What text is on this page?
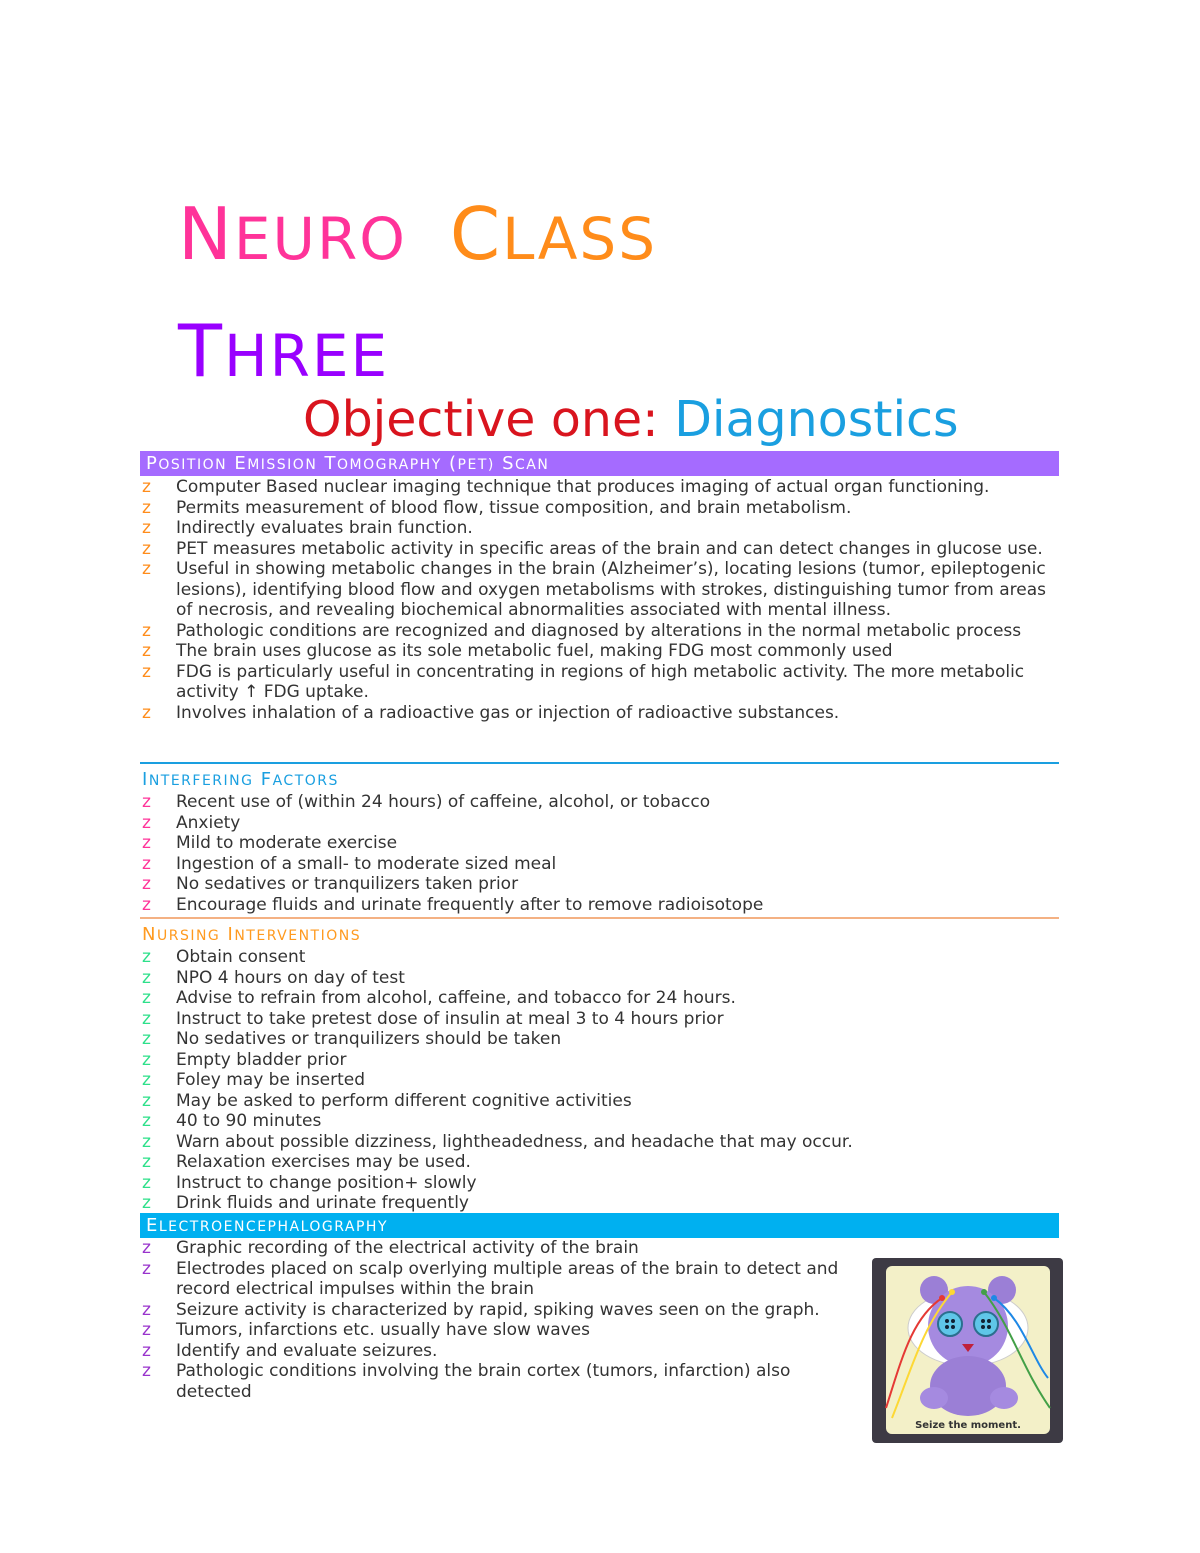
NEURO CLASS
THREE
Objective one: Diagnostics
POSITION EMISSION TOMOGRAPHY (PET) SCAN
z Computer Based nuclear imaging technique that produces imaging of actual organ functioning.
z Permits measurement of blood flow, tissue composition, and brain metabolism.
z Indirectly evaluates brain function.
z PET measures metabolic activity in specific areas of the brain and can detect changes in glucose use.
z Useful in showing metabolic changes in the brain (Alzheimer’s), locating lesions (tumor, epileptogenic lesions), identifying blood flow and oxygen metabolisms with strokes, distinguishing tumor from areas of necrosis, and revealing biochemical abnormalities associated with mental illness.
z Pathologic conditions are recognized and diagnosed by alterations in the normal metabolic process
z The brain uses glucose as its sole metabolic fuel, making FDG most commonly used
z FDG is particularly useful in concentrating in regions of high metabolic activity. The more metabolic activity ↑ FDG uptake.
z Involves inhalation of a radioactive gas or injection of radioactive substances.
INTERFERING FACTORS
z Recent use of (within 24 hours) of caffeine, alcohol, or tobacco
z Anxiety
z Mild to moderate exercise
z Ingestion of a small- to moderate sized meal
z No sedatives or tranquilizers taken prior
z Encourage fluids and urinate frequently after to remove radioisotope
NURSING INTERVENTIONS
z Obtain consent
z NPO 4 hours on day of test
z Advise to refrain from alcohol, caffeine, and tobacco for 24 hours.
z Instruct to take pretest dose of insulin at meal 3 to 4 hours prior
z No sedatives or tranquilizers should be taken
z Empty bladder prior
z Foley may be inserted
z May be asked to perform different cognitive activities
z 40 to 90 minutes
z Warn about possible dizziness, lightheadedness, and headache that may occur.
z Relaxation exercises may be used.
z Instruct to change position+ slowly
z Drink fluids and urinate frequently
ELECTROENCEPHALOGRAPHY
z Graphic recording of the electrical activity of the brain
z Electrodes placed on scalp overlying multiple areas of the brain to detect and record electrical impulses within the brain
z Seizure activity is characterized by rapid, spiking waves seen on the graph.
z Tumors, infarctions etc. usually have slow waves
z Identify and evaluate seizures.
z Pathologic conditions involving the brain cortex (tumors, infarction) also detected
Seize the moment.
